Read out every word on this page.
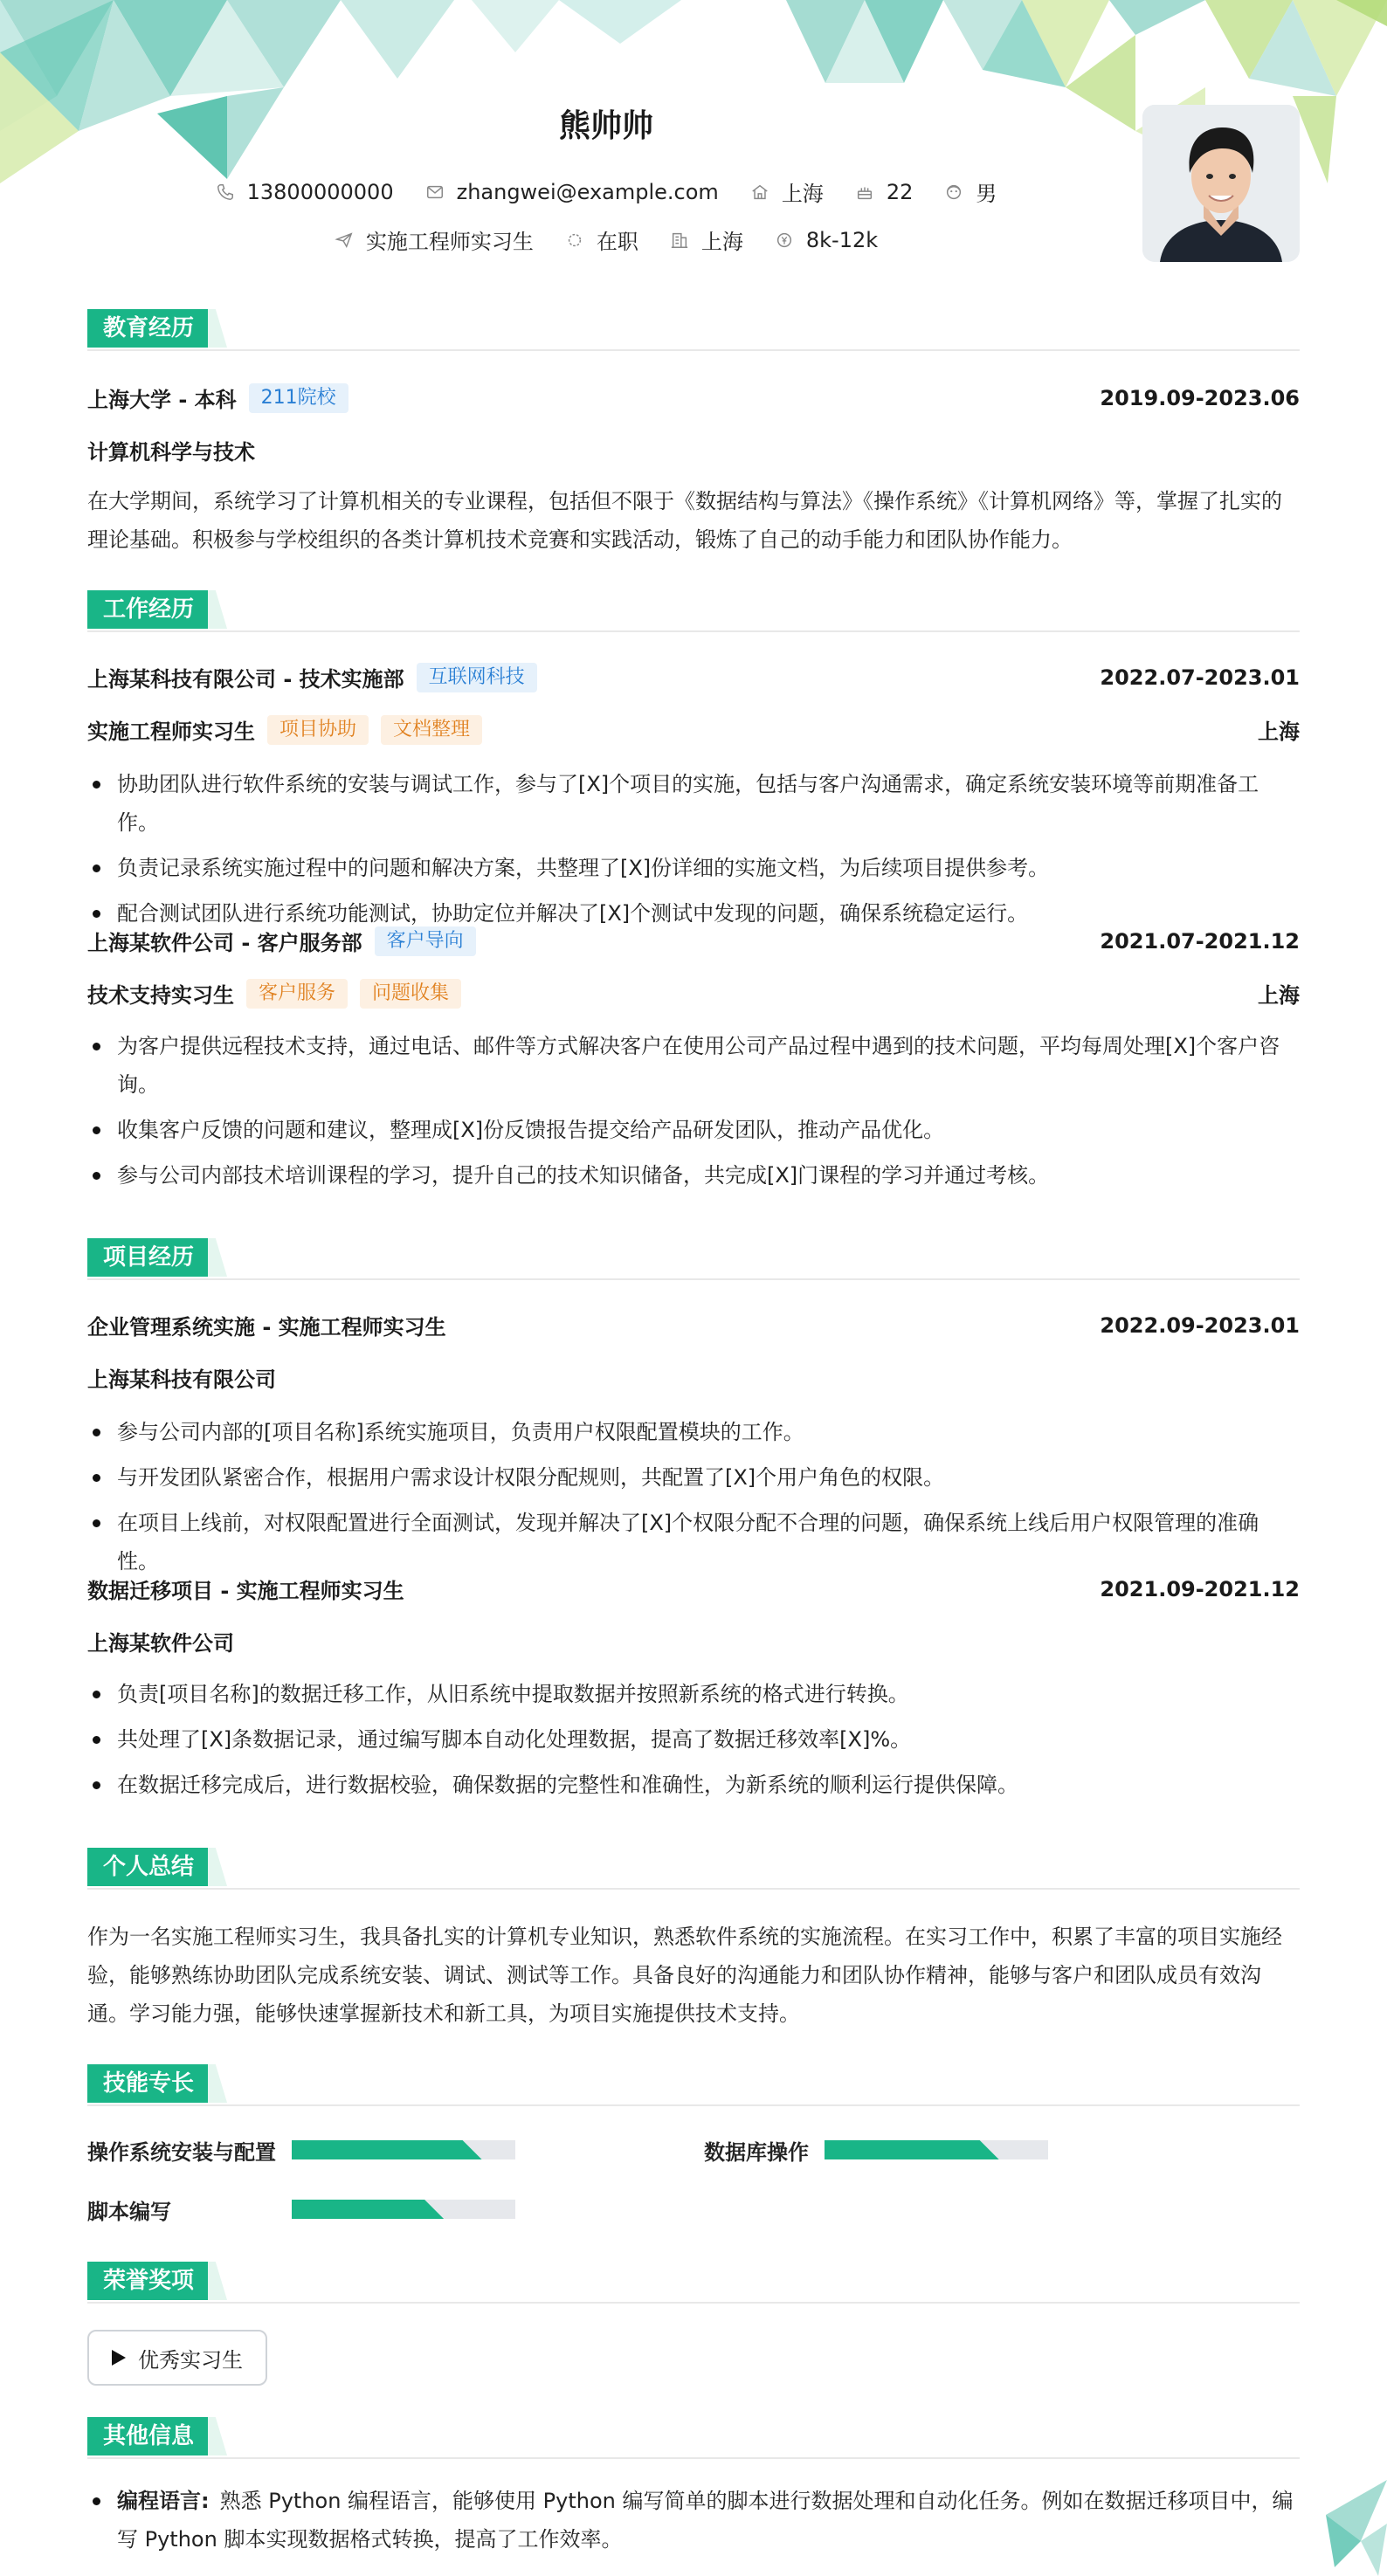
熊帅帅
13800000000	zhangwei@example.com	上海	22	男
实施工程师实习生	在职	上海	8k-12k
教育经历
上海大学 - 本科	211院校	2019.09-2023.06
计算机科学与技术
在大学期间，系统学习了计算机相关的专业课程，包括但不限于《数据结构与算法》《操作系统》《计算机网络》等，掌握了扎实的理论基础。积极参与学校组织的各类计算机技术竞赛和实践活动，锻炼了自己的动手能力和团队协作能力。
工作经历
上海某科技有限公司 - 技术实施部	互联网科技	2022.07-2023.01
实施工程师实习生	项目协助	文档整理	上海
协助团队进行软件系统的安装与调试工作，参与了[X]个项目的实施，包括与客户沟通需求，确定系统安装环境等前期准备工作。
负责记录系统实施过程中的问题和解决方案，共整理了[X]份详细的实施文档，为后续项目提供参考。
配合测试团队进行系统功能测试，协助定位并解决了[X]个测试中发现的问题，确保系统稳定运行。
上海某软件公司 - 客户服务部	客户导向	2021.07-2021.12
技术支持实习生	客户服务	问题收集	上海
为客户提供远程技术支持，通过电话、邮件等方式解决客户在使用公司产品过程中遇到的技术问题，平均每周处理[X]个客户咨询。
收集客户反馈的问题和建议，整理成[X]份反馈报告提交给产品研发团队，推动产品优化。
参与公司内部技术培训课程的学习，提升自己的技术知识储备，共完成[X]门课程的学习并通过考核。
项目经历
企业管理系统实施 - 实施工程师实习生	2022.09-2023.01
上海某科技有限公司
参与公司内部的[项目名称]系统实施项目，负责用户权限配置模块的工作。
与开发团队紧密合作，根据用户需求设计权限分配规则，共配置了[X]个用户角色的权限。
在项目上线前，对权限配置进行全面测试，发现并解决了[X]个权限分配不合理的问题，确保系统上线后用户权限管理的准确性。
数据迁移项目 - 实施工程师实习生	2021.09-2021.12
上海某软件公司
负责[项目名称]的数据迁移工作，从旧系统中提取数据并按照新系统的格式进行转换。
共处理了[X]条数据记录，通过编写脚本自动化处理数据，提高了数据迁移效率[X]%。
在数据迁移完成后，进行数据校验，确保数据的完整性和准确性，为新系统的顺利运行提供保障。
个人总结
作为一名实施工程师实习生，我具备扎实的计算机专业知识，熟悉软件系统的实施流程。在实习工作中，积累了丰富的项目实施经验，能够熟练协助团队完成系统安装、调试、测试等工作。具备良好的沟通能力和团队协作精神，能够与客户和团队成员有效沟通。学习能力强，能够快速掌握新技术和新工具，为项目实施提供技术支持。
技能专长
操作系统安装与配置	数据库操作
脚本编写
荣誉奖项
优秀实习生
其他信息
编程语言: 熟悉 Python 编程语言，能够使用 Python 编写简单的脚本进行数据处理和自动化任务。例如在数据迁移项目中，编写 Python 脚本实现数据格式转换，提高了工作效率。
